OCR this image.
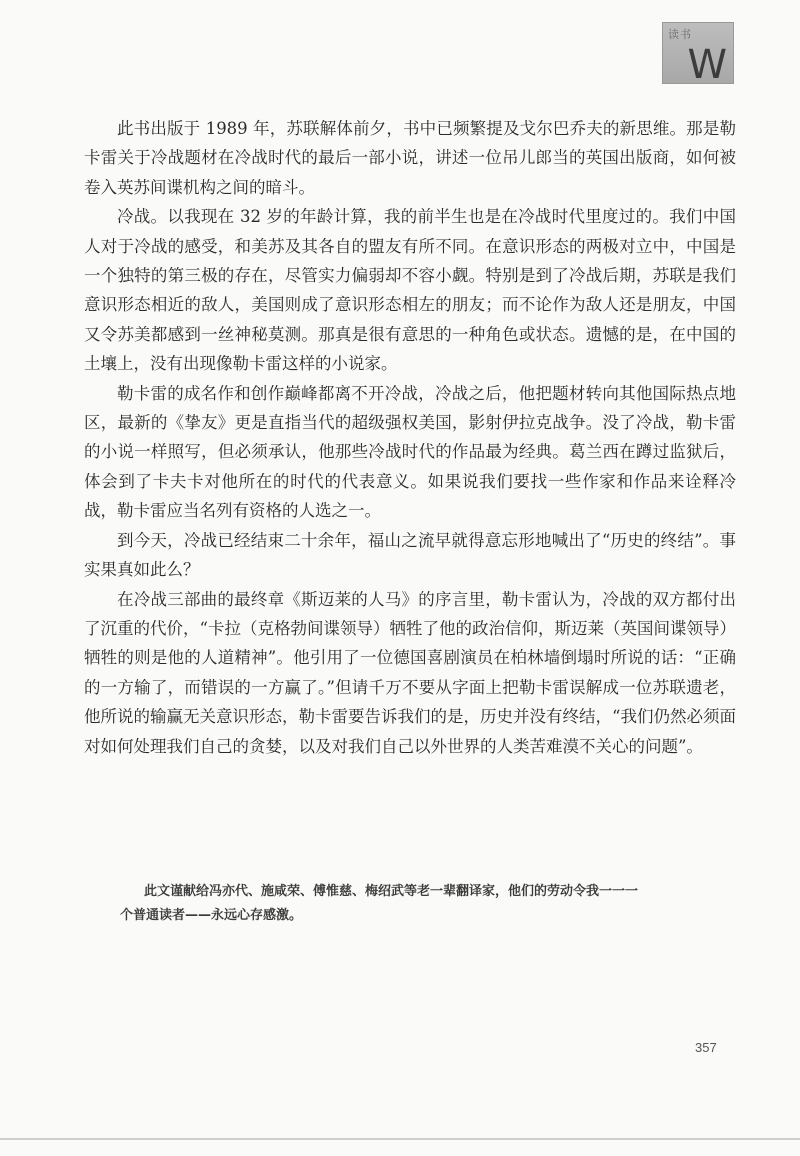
读书
W

此书出版于 1989 年，苏联解体前夕，书中已频繁提及戈尔巴乔夫的新思维。那是勒卡雷关于冷战题材在冷战时代的最后一部小说，讲述一位吊儿郎当的英国出版商，如何被卷入英苏间谍机构之间的暗斗。

冷战。以我现在 32 岁的年龄计算，我的前半生也是在冷战时代里度过的。我们中国人对于冷战的感受，和美苏及其各自的盟友有所不同。在意识形态的两极对立中，中国是一个独特的第三极的存在，尽管实力偏弱却不容小觑。特别是到了冷战后期，苏联是我们意识形态相近的敌人，美国则成了意识形态相左的朋友；而不论作为敌人还是朋友，中国又令苏美都感到一丝神秘莫测。那真是很有意思的一种角色或状态。遗憾的是，在中国的土壤上，没有出现像勒卡雷这样的小说家。

勒卡雷的成名作和创作巅峰都离不开冷战，冷战之后，他把题材转向其他国际热点地区，最新的《挚友》更是直指当代的超级强权美国，影射伊拉克战争。没了冷战，勒卡雷的小说一样照写，但必须承认，他那些冷战时代的作品最为经典。葛兰西在蹲过监狱后，体会到了卡夫卡对他所在的时代的代表意义。如果说我们要找一些作家和作品来诠释冷战，勒卡雷应当名列有资格的人选之一。

到今天，冷战已经结束二十余年，福山之流早就得意忘形地喊出了“历史的终结”。事实果真如此么？

在冷战三部曲的最终章《斯迈莱的人马》的序言里，勒卡雷认为，冷战的双方都付出了沉重的代价，“卡拉（克格勃间谍领导）牺牲了他的政治信仰，斯迈莱（英国间谍领导）牺牲的则是他的人道精神”。他引用了一位德国喜剧演员在柏林墙倒塌时所说的话：“正确的一方输了，而错误的一方赢了。”但请千万不要从字面上把勒卡雷误解成一位苏联遗老，他所说的输赢无关意识形态，勒卡雷要告诉我们的是，历史并没有终结，“我们仍然必须面对如何处理我们自己的贪婪，以及对我们自己以外世界的人类苦难漠不关心的问题”。

此文谨献给冯亦代、施咸荣、傅惟慈、梅绍武等老一辈翻译家，他们的劳动令我一一一
个普通读者——永远心存感激。
357
